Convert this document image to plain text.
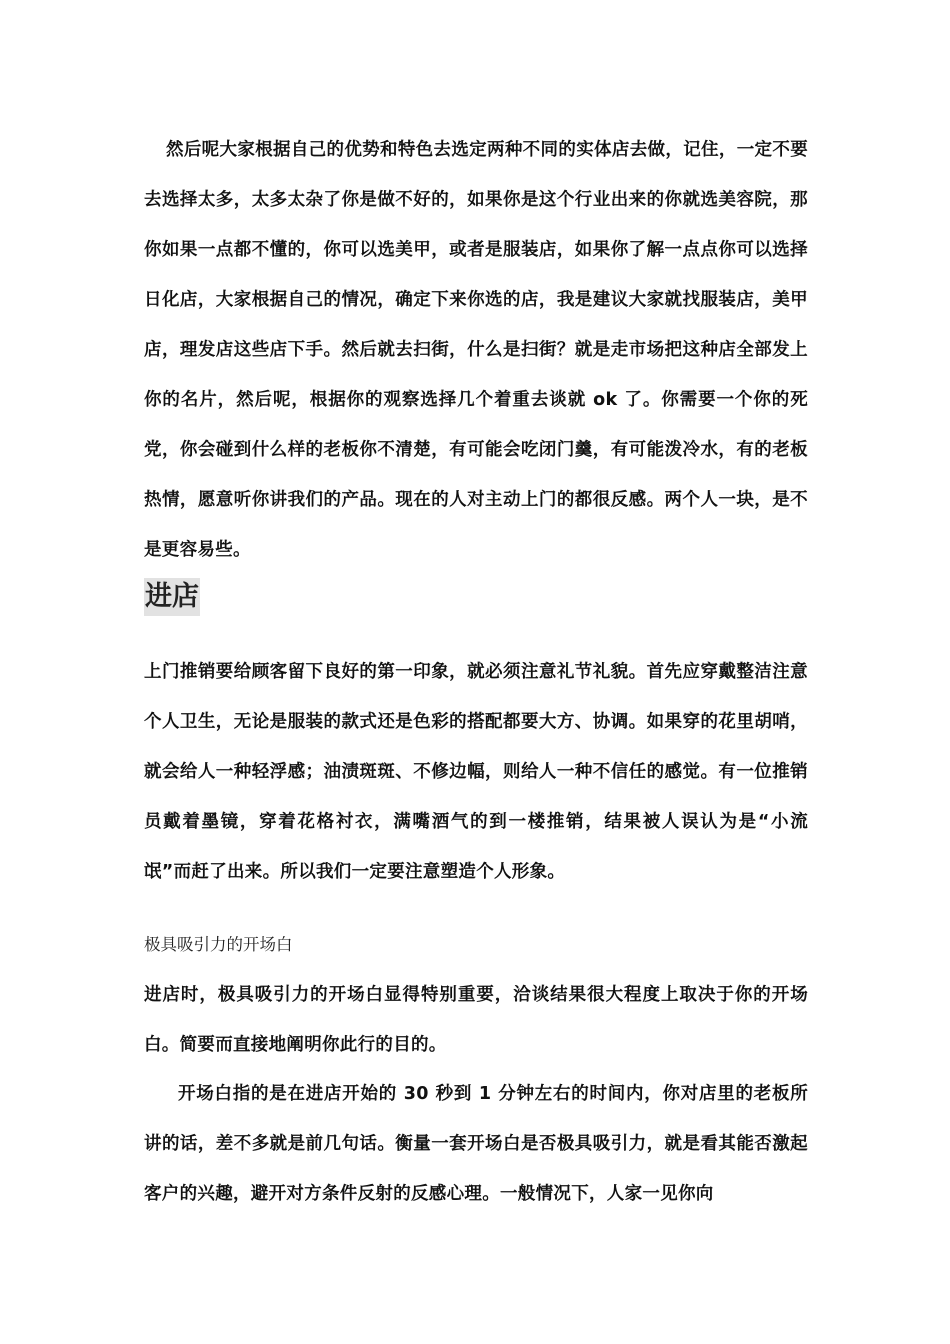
然后呢大家根据自己的优势和特色去选定两种不同的实体店去做，记住，一定不要去选择太多，太多太杂了你是做不好的，如果你是这个行业出来的你就选美容院，那你如果一点都不懂的，你可以选美甲，或者是服装店，如果你了解一点点你可以选择日化店，大家根据自己的情况，确定下来你选的店，我是建议大家就找服装店，美甲店，理发店这些店下手。然后就去扫街，什么是扫街？就是走市场把这种店全部发上你的名片，然后呢，根据你的观察选择几个着重去谈就 ok 了。你需要一个你的死党，你会碰到什么样的老板你不清楚，有可能会吃闭门羹，有可能泼冷水，有的老板热情，愿意听你讲我们的产品。现在的人对主动上门的都很反感。两个人一块，是不是更容易些。

进店

上门推销要给顾客留下良好的第一印象，就必须注意礼节礼貌。首先应穿戴整洁注意个人卫生，无论是服装的款式还是色彩的搭配都要大方、协调。如果穿的花里胡哨，就会给人一种轻浮感；油渍斑斑、不修边幅，则给人一种不信任的感觉。有一位推销员戴着墨镜，穿着花格衬衣，满嘴酒气的到一楼推销，结果被人误认为是“小流氓”而赶了出来。所以我们一定要注意塑造个人形象。

极具吸引力的开场白

进店时，极具吸引力的开场白显得特别重要，洽谈结果很大程度上取决于你的开场白。简要而直接地阐明你此行的目的。

开场白指的是在进店开始的 30 秒到 1 分钟左右的时间内，你对店里的老板所讲的话，差不多就是前几句话。衡量一套开场白是否极具吸引力，就是看其能否激起客户的兴趣，避开对方条件反射的反感心理。一般情况下，人家一见你向
